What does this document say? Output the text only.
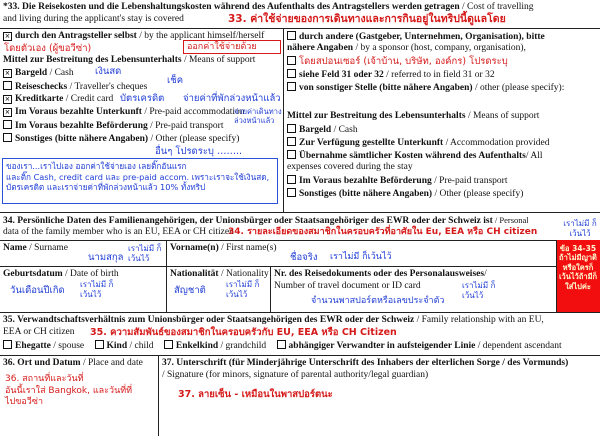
*33. Die Reisekosten und die Lebenshaltungskosten während des Aufenthalts des Antragstellers werden getragen / Cost of travelling
and living during the applicant's stay is covered	33. ค่าใช้จ่ายของการเดินทางและการกินอยู่ในทริปนี้ดูแลโดย
×durch den Antragsteller selbst / by the applicant himself/herself
โดยตัวเอง (ผู้ขอวีซ่า)	ออกค่าใช้จ่ายด้วย
Mittel zur Bestreitung des Lebensunterhalts / Means of support
×Bargeld / Cash เงินสด
Reiseschecks / Traveller's cheques
เช็ค
×Kreditkarte / Credit card บัตรเครดิต จ่ายค่าที่พักล่วงหน้าแล้ว
×Im Voraus bezahlte Unterkunft / Pre-paid accommodation
Im Voraus bezahlte Beförderung / Pre-paid transport
จ่ายค่าเดินทาง
ล่วงหน้าแล้ว
Sonstiges (bitte nähere Angaben) / Other (please specify)
อื่นๆ โปรดระบุ ……..
ของเรา...เราไปเอง ออกค่าใช้จ่ายเอง เลยติ๊กอันแรก
และติ๊ก Cash, credit card และ pre-paid accom. เพราะเราจะใช้เงินสด,
บัตรเครดิต และเราจ่ายค่าที่พักล่วงหน้าแล้ว 10% ทั้งทริป
durch andere (Gastgeber, Unternehmen, Organisation), bitte
nähere Angaben / by a sponsor (host, company, organisation),
โดยสปอนเซอร์ (เจ้าบ้าน, บริษัท, องค์กร) โปรดระบุ
siehe Feld 31 oder 32 / referred to in field 31 or 32
von sonstiger Stelle (bitte nähere Angaben) / other (please specify):
Mittel zur Bestreitung des Lebensunterhalts / Means of support
Bargeld / Cash
Zur Verfügung gestellte Unterkunft / Accommodation provided
Übernahme sämtlicher Kosten während des Aufenthalts/ All
expenses covered during the stay
Im Voraus bezahlte Beförderung / Pre-paid transport
Sonstiges (bitte nähere Angaben) / Other (please specify)
34. Persönliche Daten des Familienangehörigen, der Unionsbürger oder Staatsangehöriger des EWR oder der Schweiz ist / Personal
data of the family member who is an EU, EEA or CH citizen
34. รายละเอียดของสมาชิกในครอบครัวที่อาศัยใน Eu, EEA หรือ CH citizen
เราไม่มี ก็เว้นไว้
Name / Surname
นามสกุล
เราไม่มี ก็เว้นไว้
Vorname(n) / First name(s)
ชื่อจริง เราไม่มี ก็เว้นไว้
Geburtsdatum / Date of birth
วันเดือนปีเกิด
เราไม่มี ก็เว้นไว้
Nationalität / Nationality
สัญชาติ
เราไม่มี ก็เว้นไว้
Nr. des Reisedokuments oder des Personalausweises/
Number of travel document or ID card
จำนวนพาสปอร์ตหรือเลขประจำตัว
เราไม่มี ก็เว้นไว้
ข้อ 34-35 ถ้าไม่มีญาติหรือใครก็เว้นไว้ถ้ามีก็ใส่ไปค่ะ
35. Verwandtschaftsverhältnis zum Unionsbürger oder Staatsangehörigen des EWR oder der Schweiz / Family relationship with an EU,
EEA or CH citizen 35. ความสัมพันธ์ของสมาชิกในครอบครัวกับ EU, EEA หรือ CH Citizen
Ehegatte / spouse Kind / child Enkelkind / grandchild abhängiger Verwandter in aufsteigender Linie / dependent ascendant
36. Ort und Datum / Place and date
36. สถานที่และวันที่
อันนี้เราใส่ Bangkok, และวันที่ที่
ไปขอวีซ่า
37. Unterschrift (für Minderjährige Unterschrift des Inhabers der elterlichen Sorge / des Vormunds)
/ Signature (for minors, signature of parental authority/legal guardian)
37. ลายเซ็น - เหมือนในพาสปอร์ตนะ
